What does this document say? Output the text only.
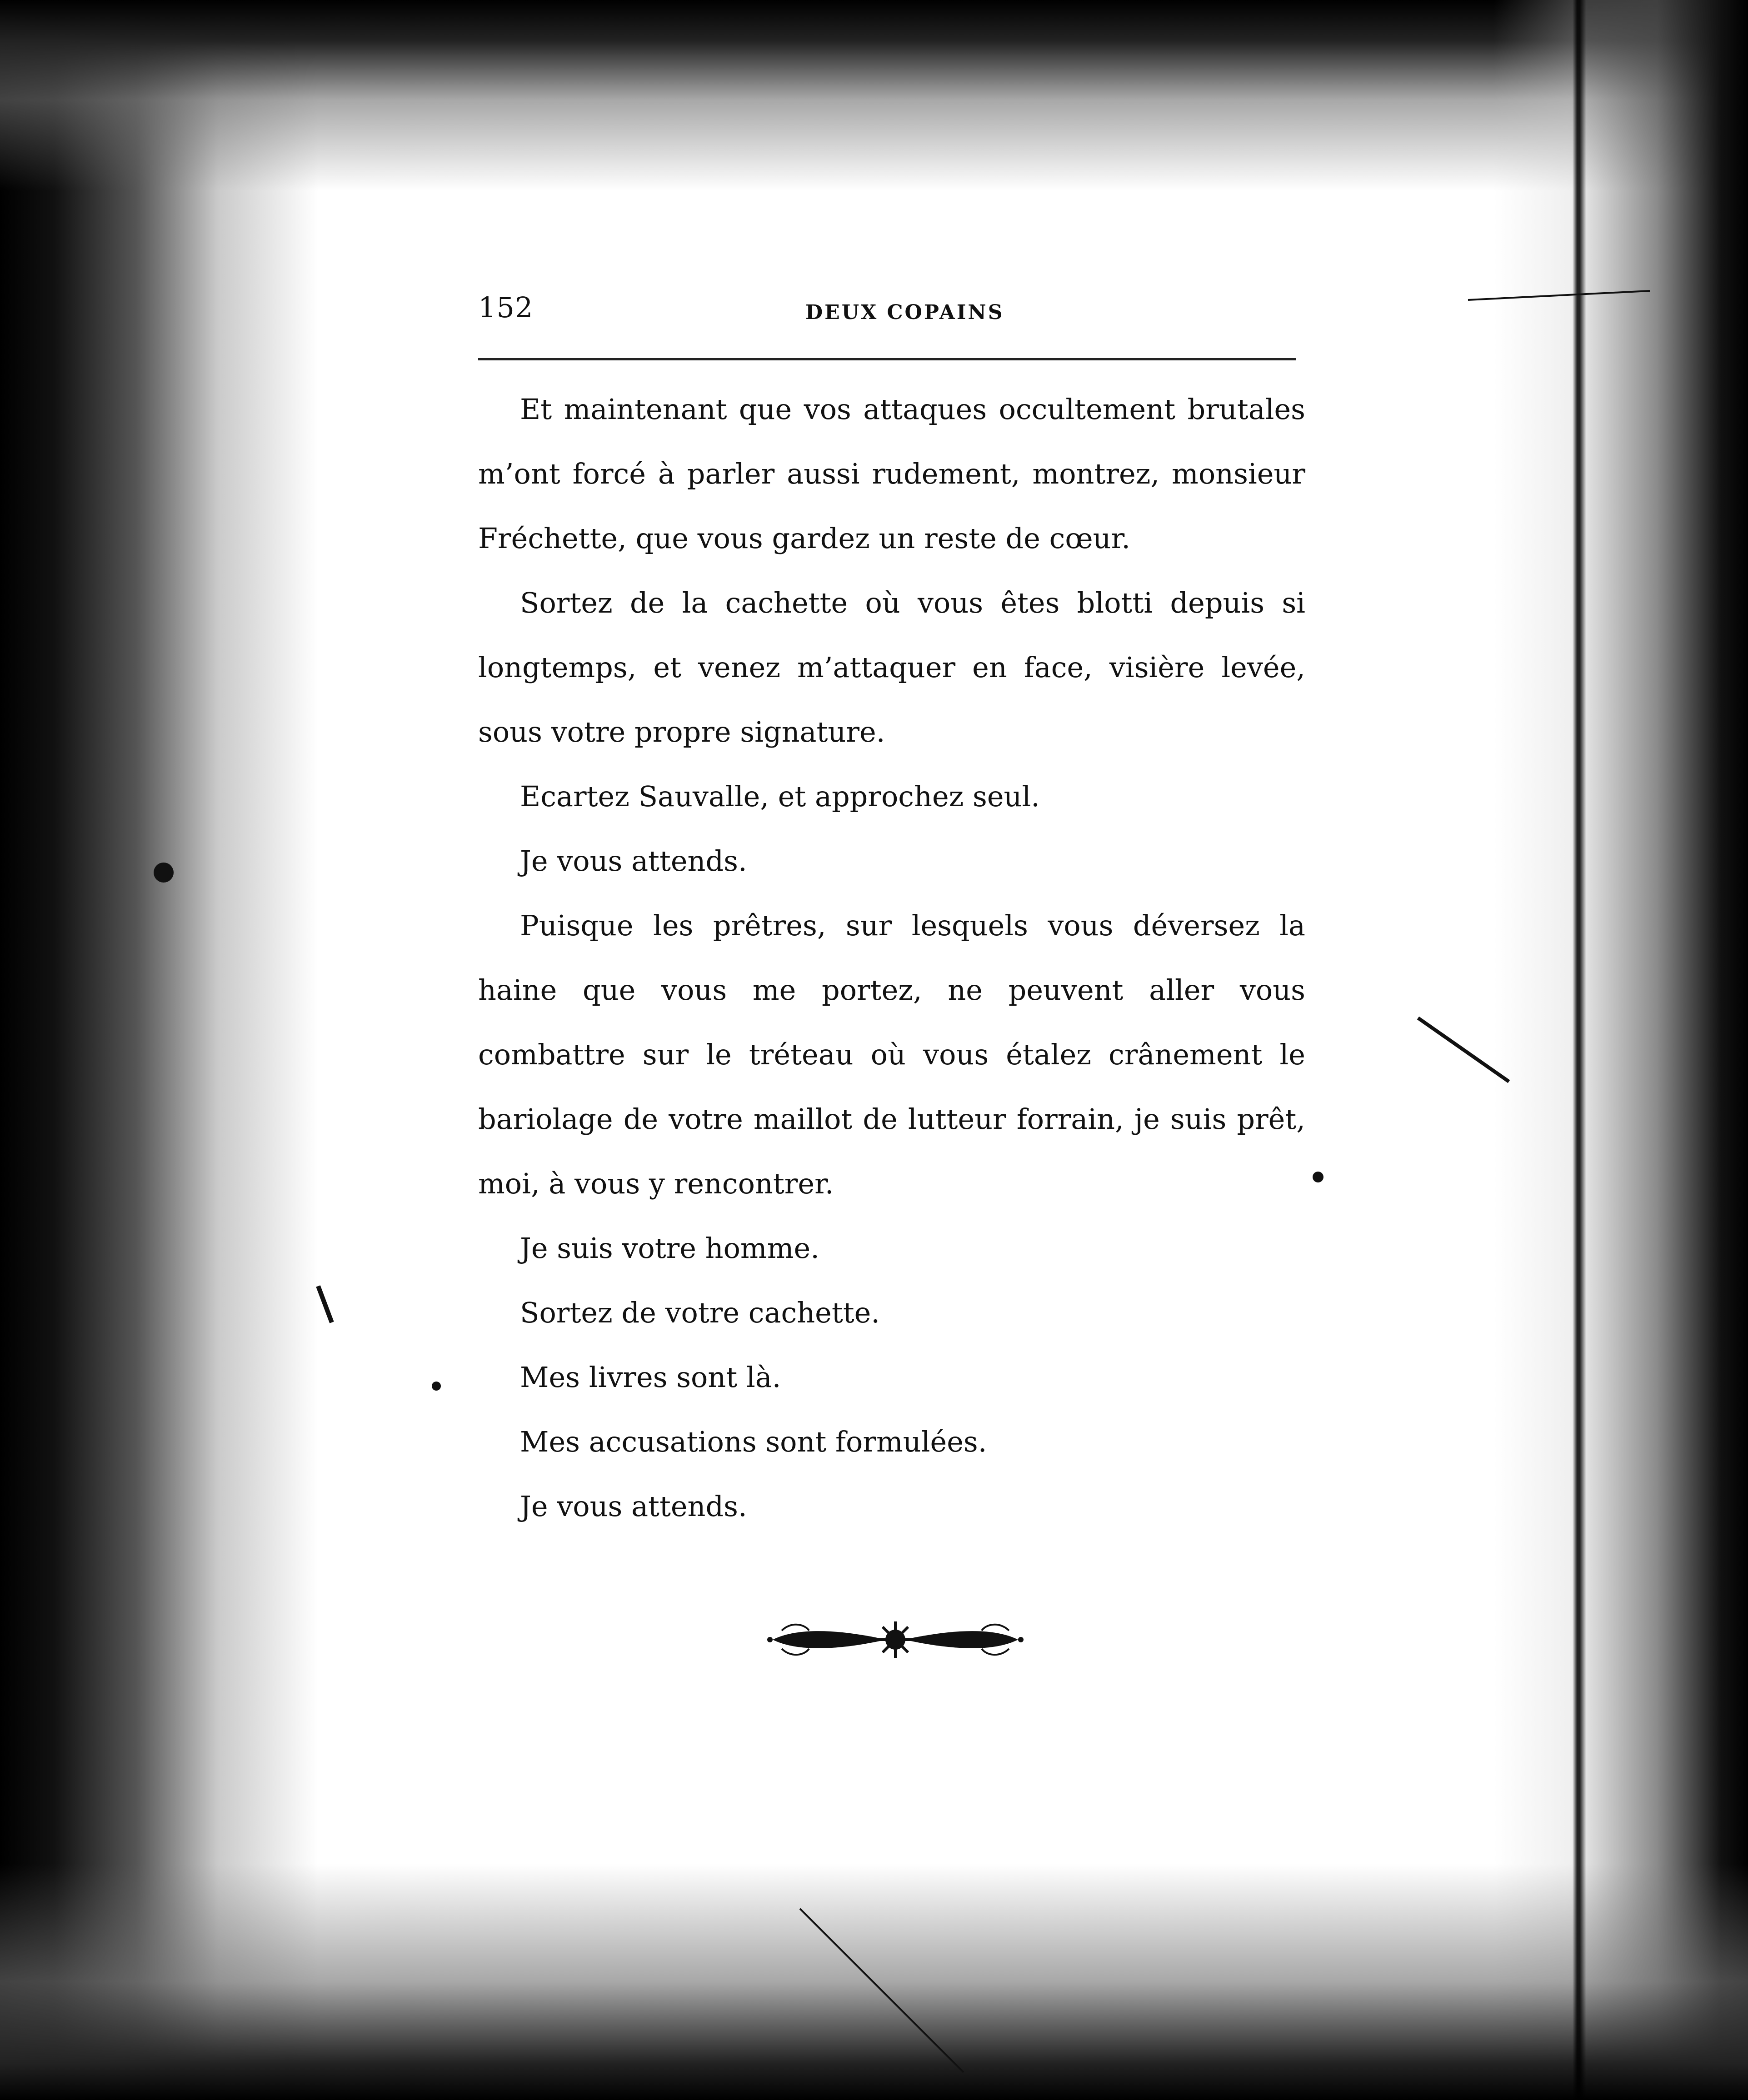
152	DEUX COPAINS

Et maintenant que vos attaques occultement brutales m’ont forcé à parler aussi rudement, montrez, monsieur Fréchette, que vous gardez un reste de cœur.

Sortez de la cachette où vous êtes blotti depuis si longtemps, et venez m’attaquer en face, visière levée, sous votre propre signature.

Ecartez Sauvalle, et approchez seul.

Je vous attends.

Puisque les prêtres, sur lesquels vous déversez la haine que vous me portez, ne peuvent aller vous combattre sur le tréteau où vous étalez crânement le bariolage de votre maillot de lutteur forrain, je suis prêt, moi, à vous y rencontrer.

Je suis votre homme.

Sortez de votre cachette.

Mes livres sont là.

Mes accusations sont formulées.

Je vous attends.
